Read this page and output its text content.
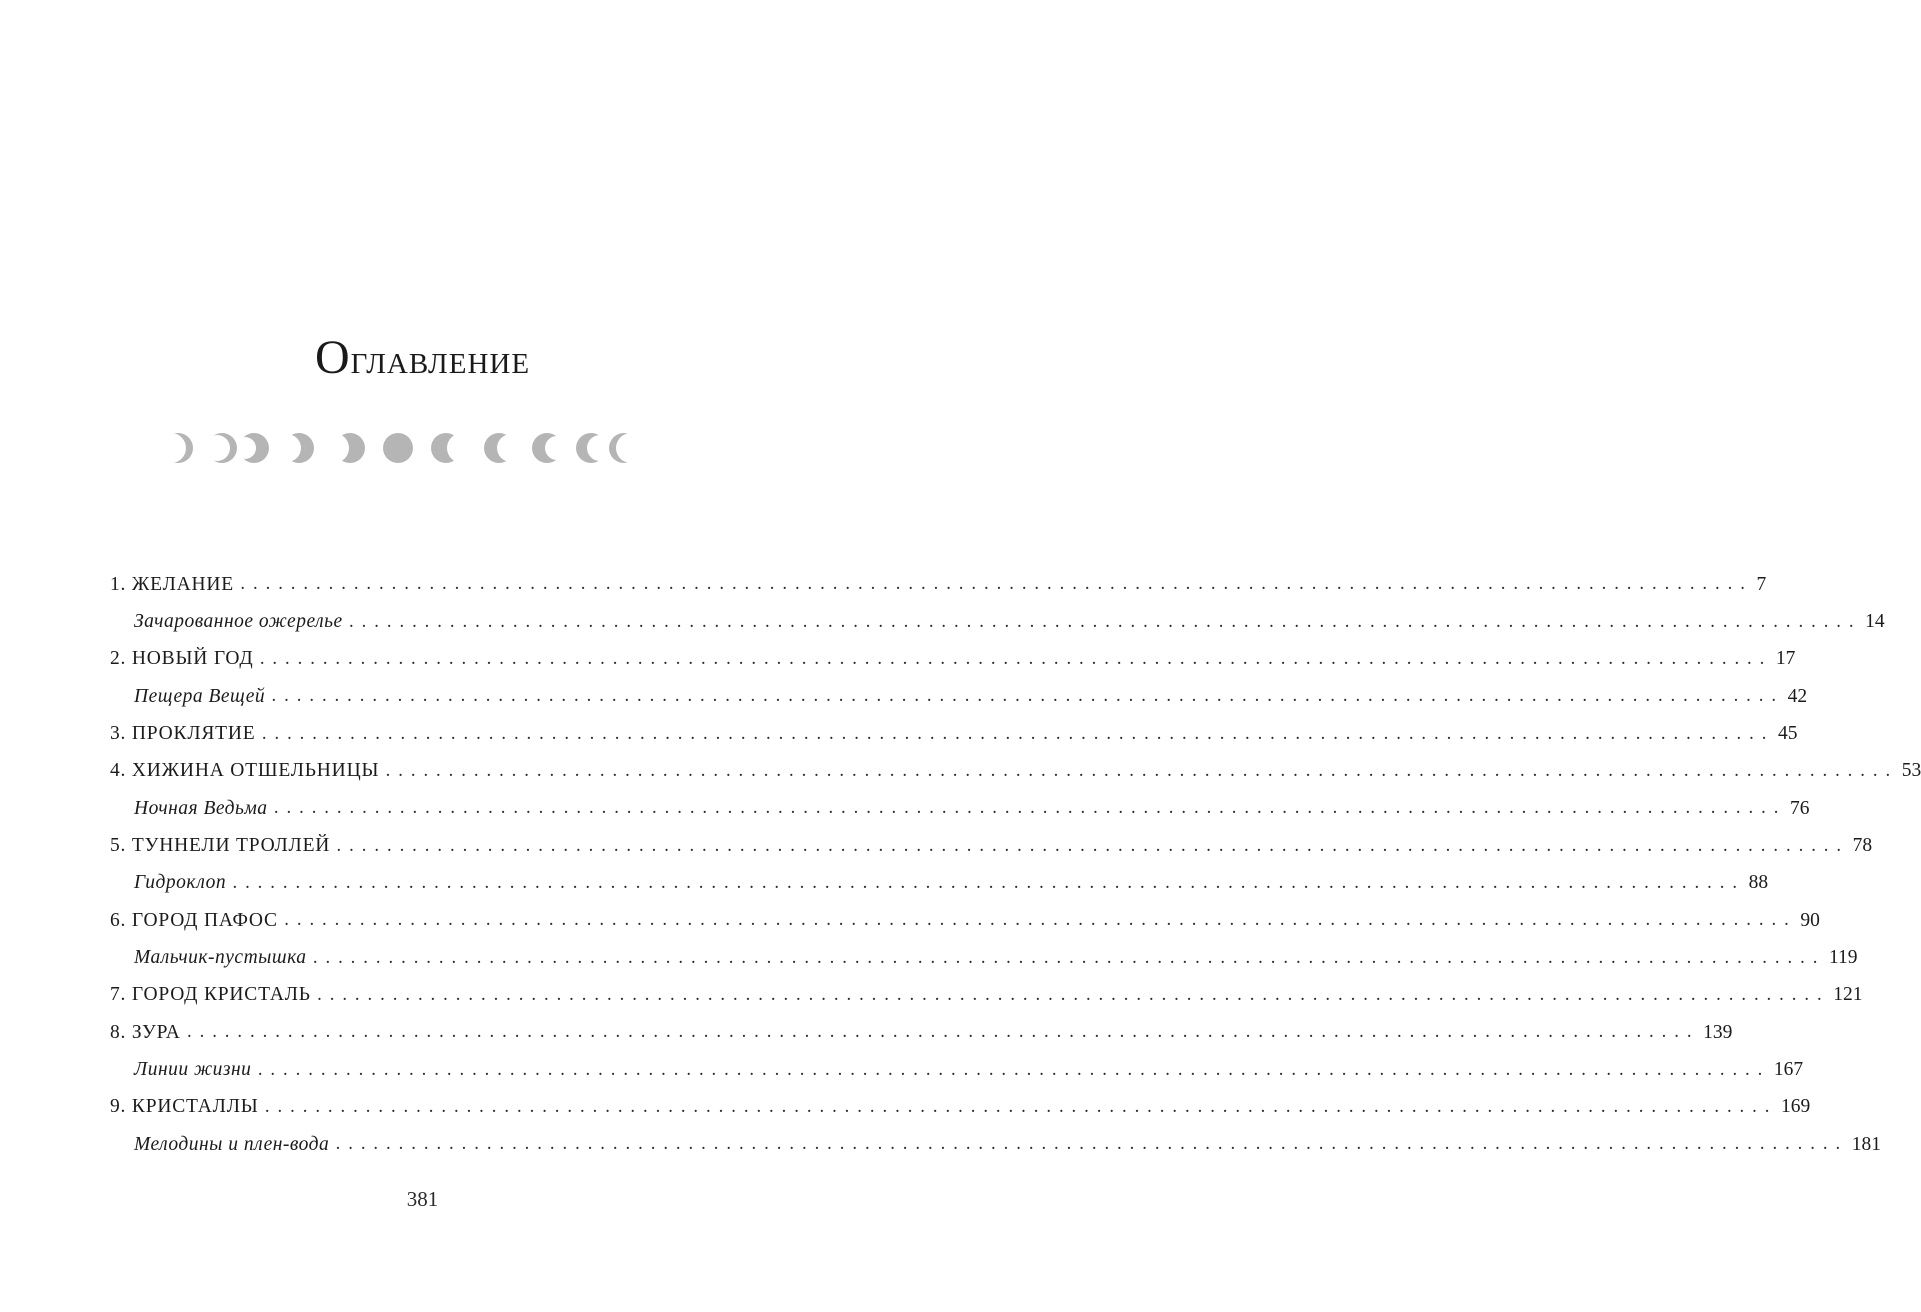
Оглавление
1. ЖЕЛАНИЕ ........................................................................................................................ 7
Зачарованное ожерелье ........................................................................................................................ 14
2. НОВЫЙ ГОД ........................................................................................................................ 17
Пещера Вещей ........................................................................................................................ 42
3. ПРОКЛЯТИЕ ........................................................................................................................ 45
4. ХИЖИНА ОТШЕЛЬНИЦЫ ........................................................................................................................ 53
Ночная Ведьма ........................................................................................................................ 76
5. ТУННЕЛИ ТРОЛЛЕЙ ........................................................................................................................ 78
Гидроклоп ........................................................................................................................ 88
6. ГОРОД ПАФОС ........................................................................................................................ 90
Мальчик-пустышка ........................................................................................................................ 119
7. ГОРОД КРИСТАЛЬ ........................................................................................................................ 121
8. ЗУРА ........................................................................................................................ 139
Линии жизни ........................................................................................................................ 167
9. КРИСТАЛЛЫ ........................................................................................................................ 169
Мелодины и плен-вода ........................................................................................................................ 181
381
